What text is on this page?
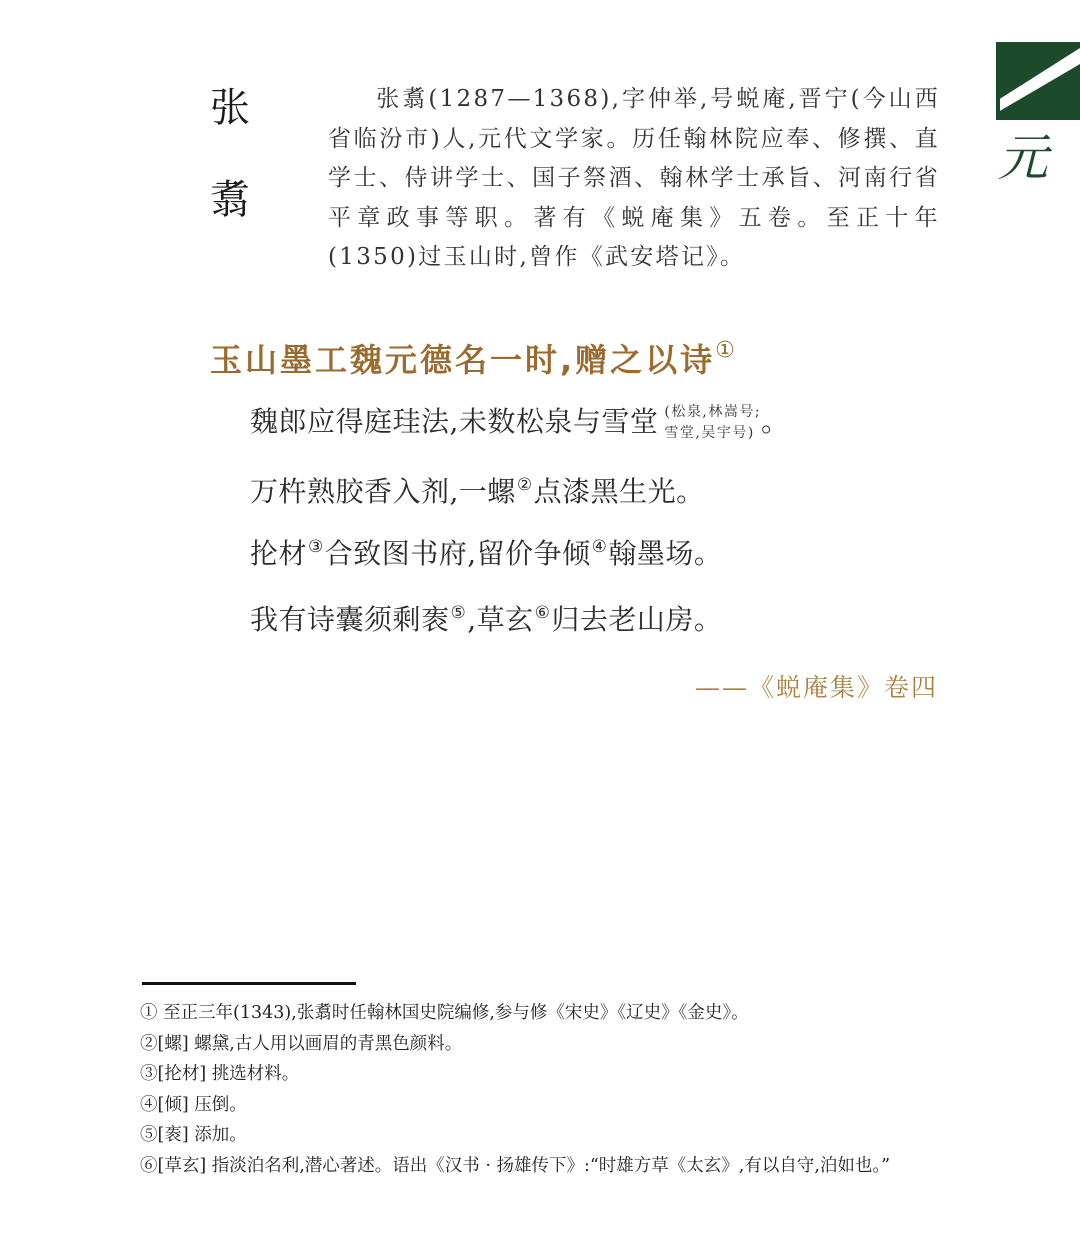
元
张
翥

张翥(1287—1368),字仲举,号蜕庵,晋宁(今山西省临汾市)人,元代文学家。历任翰林院应奉、修撰、直学士、侍讲学士、国子祭酒、翰林学士承旨、河南行省平章政事等职。著有《蜕庵集》五卷。至正十年(1350)过玉山时,曾作《武安塔记》。

玉山墨工魏元德名一时,赠之以诗①
魏郎应得庭珪法,未数松泉与雪堂 (松泉,林嵩号;
雪堂,吴宇号) 。
万杵熟胶香入剂,一螺②点漆黑生光。
抡材③合致图书府,留价争倾④翰墨场。
我有诗囊须剩袠⑤,草玄⑥归去老山房。
——《蜕庵集》卷四
① 至正三年(1343),张翥时任翰林国史院编修,参与修《宋史》《辽史》《金史》。
②[螺] 螺黛,古人用以画眉的青黑色颜料。
③[抡材] 挑选材料。
④[倾] 压倒。
⑤[袠] 添加。
⑥[草玄] 指淡泊名利,潜心著述。语出《汉书 · 扬雄传下》:“时雄方草《太玄》,有以自守,泊如也。”
